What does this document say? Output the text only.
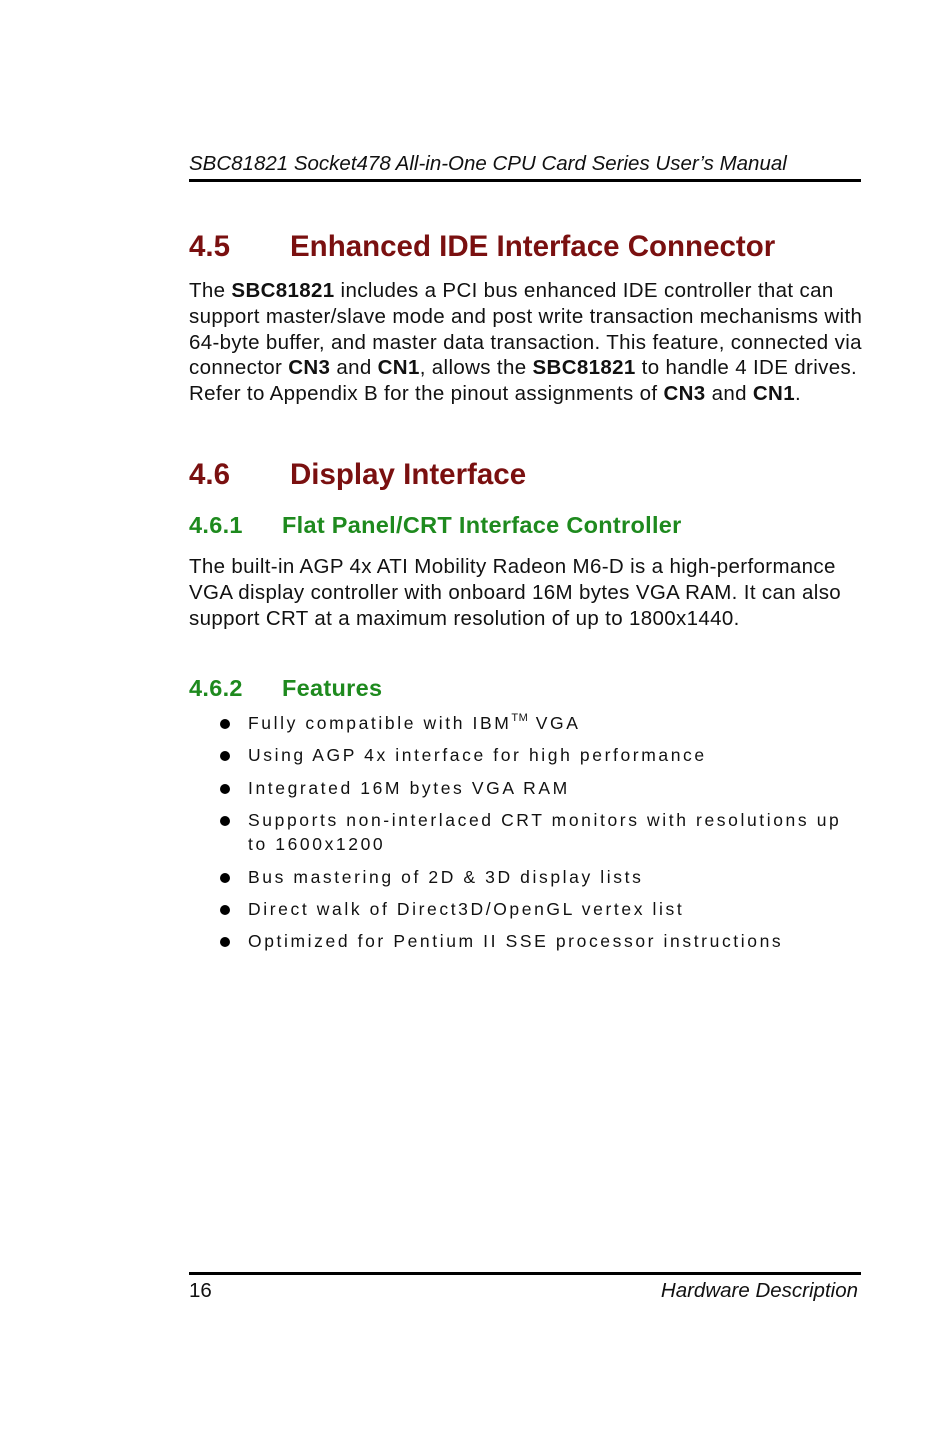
SBC81821 Socket478 All-in-One CPU Card Series User’s Manual
4.5 Enhanced IDE Interface Connector
The SBC81821 includes a PCI bus enhanced IDE controller that can support master/slave mode and post write transaction mechanisms with 64-byte buffer, and master data transaction. This feature, connected via connector CN3 and CN1, allows the SBC81821 to handle 4 IDE drives. Refer to Appendix B for the pinout assignments of CN3 and CN1.
4.6 Display Interface
4.6.1 Flat Panel/CRT Interface Controller
The built-in AGP 4x ATI Mobility Radeon M6-D is a high-performance VGA display controller with onboard 16M bytes VGA RAM. It can also support CRT at a maximum resolution of up to 1800x1440.
4.6.2 Features
Fully compatible with IBM™ VGA
Using AGP 4x interface for high performance
Integrated 16M bytes VGA RAM
Supports non-interlaced CRT monitors with resolutions up to 1600x1200
Bus mastering of 2D & 3D display lists
Direct walk of Direct3D/OpenGL vertex list
Optimized for Pentium II SSE processor instructions
16	Hardware Description
